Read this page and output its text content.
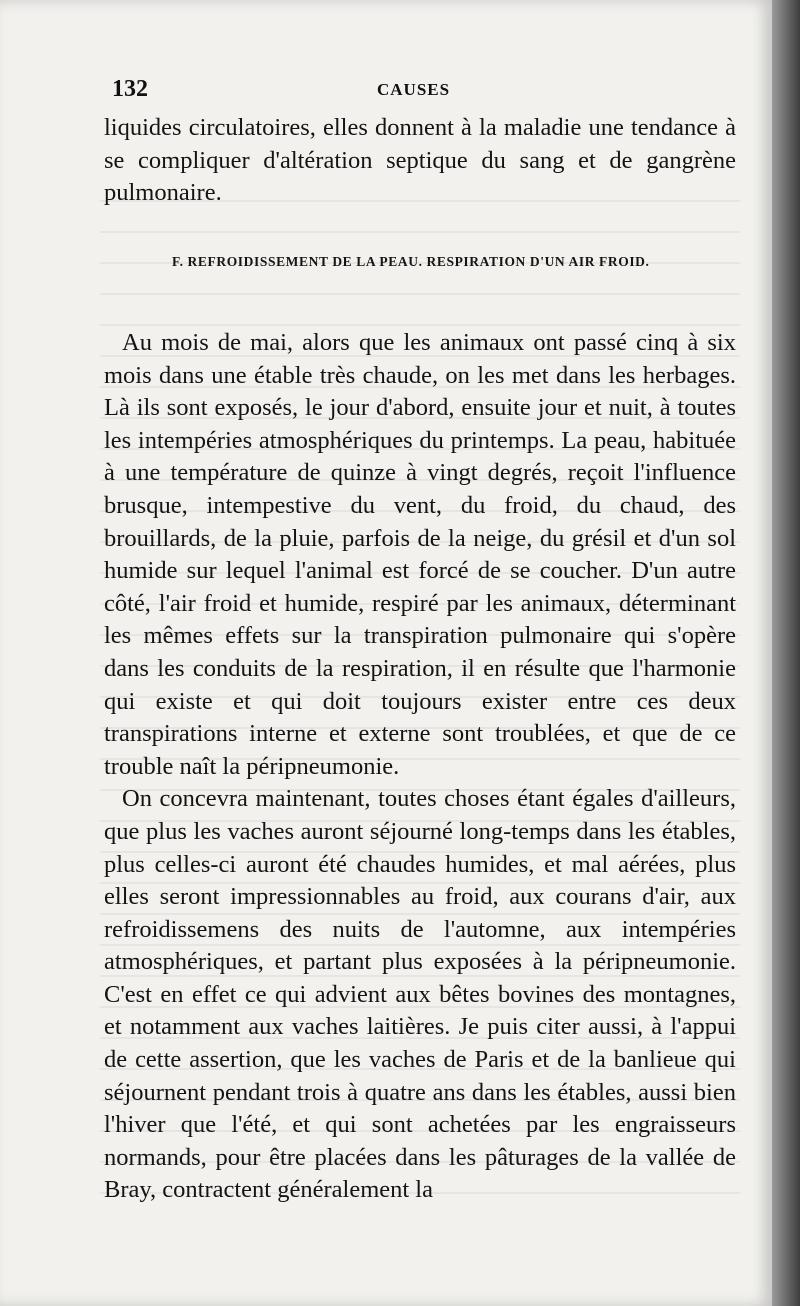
132	CAUSES
liquides circulatoires, elles donnent à la maladie une tendance à se compliquer d'altération septique du sang et de gangrène pulmonaire.
F. REFROIDISSEMENT DE LA PEAU. RESPIRATION D'UN AIR FROID.

Au mois de mai, alors que les animaux ont passé cinq à six mois dans une étable très chaude, on les met dans les herbages. Là ils sont exposés, le jour d'abord, ensuite jour et nuit, à toutes les intempéries atmosphériques du printemps. La peau, habituée à une température de quinze à vingt degrés, reçoit l'influence brusque, intempestive du vent, du froid, du chaud, des brouillards, de la pluie, parfois de la neige, du grésil et d'un sol humide sur lequel l'animal est forcé de se coucher. D'un autre côté, l'air froid et humide, respiré par les animaux, déterminant les mêmes effets sur la transpiration pulmonaire qui s'opère dans les conduits de la respiration, il en résulte que l'harmonie qui existe et qui doit toujours exister entre ces deux transpirations interne et externe sont troublées, et que de ce trouble naît la péripneumonie.

On concevra maintenant, toutes choses étant égales d'ailleurs, que plus les vaches auront séjourné long-temps dans les étables, plus celles-ci auront été chaudes humides, et mal aérées, plus elles seront impressionnables au froid, aux courans d'air, aux refroidissemens des nuits de l'automne, aux intempéries atmosphériques, et partant plus exposées à la péripneumonie. C'est en effet ce qui advient aux bêtes bovines des montagnes, et notamment aux vaches laitières. Je puis citer aussi, à l'appui de cette assertion, que les vaches de Paris et de la banlieue qui séjournent pendant trois à quatre ans dans les étables, aussi bien l'hiver que l'été, et qui sont achetées par les engraisseurs normands, pour être placées dans les pâturages de la vallée de Bray, contractent généralement la
